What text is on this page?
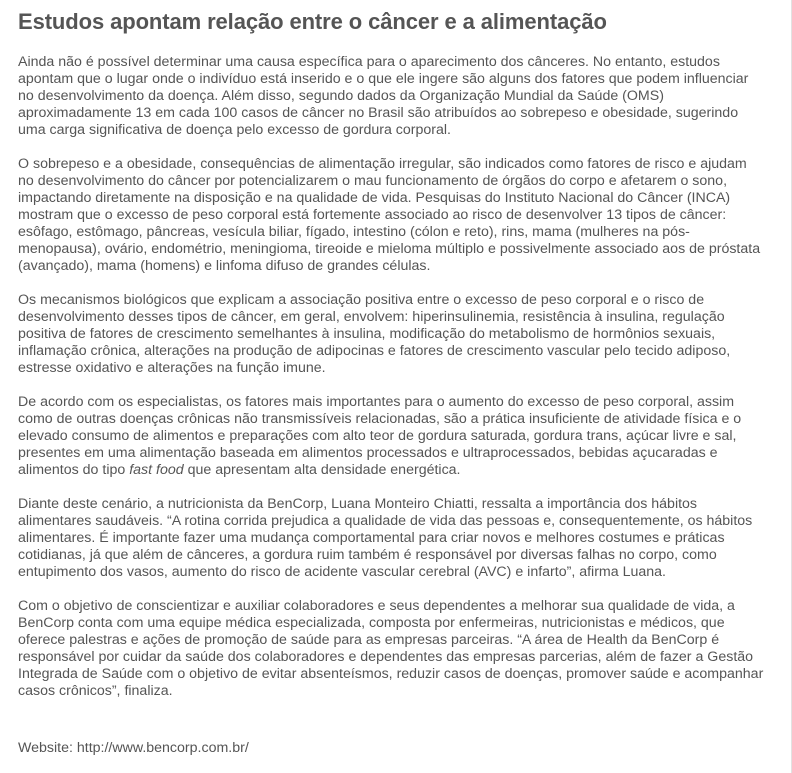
Estudos apontam relação entre o câncer e a alimentação

Ainda não é possível determinar uma causa específica para o aparecimento dos cânceres. No entanto, estudos apontam que o lugar onde o indivíduo está inserido e o que ele ingere são alguns dos fatores que podem influenciar no desenvolvimento da doença. Além disso, segundo dados da Organização Mundial da Saúde (OMS) aproximadamente 13 em cada 100 casos de câncer no Brasil são atribuídos ao sobrepeso e obesidade, sugerindo uma carga significativa de doença pelo excesso de gordura corporal.

O sobrepeso e a obesidade, consequências de alimentação irregular, são indicados como fatores de risco e ajudam no desenvolvimento do câncer por potencializarem o mau funcionamento de órgãos do corpo e afetarem o sono, impactando diretamente na disposição e na qualidade de vida. Pesquisas do Instituto Nacional do Câncer (INCA) mostram que o excesso de peso corporal está fortemente associado ao risco de desenvolver 13 tipos de câncer: esôfago, estômago, pâncreas, vesícula biliar, fígado, intestino (cólon e reto), rins, mama (mulheres na pós-menopausa), ovário, endométrio, meningioma, tireoide e mieloma múltiplo e possivelmente associado aos de próstata (avançado), mama (homens) e linfoma difuso de grandes células.

Os mecanismos biológicos que explicam a associação positiva entre o excesso de peso corporal e o risco de desenvolvimento desses tipos de câncer, em geral, envolvem: hiperinsulinemia, resistência à insulina, regulação positiva de fatores de crescimento semelhantes à insulina, modificação do metabolismo de hormônios sexuais, inflamação crônica, alterações na produção de adipocinas e fatores de crescimento vascular pelo tecido adiposo, estresse oxidativo e alterações na função imune.

De acordo com os especialistas, os fatores mais importantes para o aumento do excesso de peso corporal, assim como de outras doenças crônicas não transmissíveis relacionadas, são a prática insuficiente de atividade física e o elevado consumo de alimentos e preparações com alto teor de gordura saturada, gordura trans, açúcar livre e sal, presentes em uma alimentação baseada em alimentos processados e ultraprocessados, bebidas açucaradas e alimentos do tipo fast food que apresentam alta densidade energética.

Diante deste cenário, a nutricionista da BenCorp, Luana Monteiro Chiatti, ressalta a importância dos hábitos alimentares saudáveis. “A rotina corrida prejudica a qualidade de vida das pessoas e, consequentemente, os hábitos alimentares. É importante fazer uma mudança comportamental para criar novos e melhores costumes e práticas cotidianas, já que além de cânceres, a gordura ruim também é responsável por diversas falhas no corpo, como entupimento dos vasos, aumento do risco de acidente vascular cerebral (AVC) e infarto”, afirma Luana.

Com o objetivo de conscientizar e auxiliar colaboradores e seus dependentes a melhorar sua qualidade de vida, a BenCorp conta com uma equipe médica especializada, composta por enfermeiras, nutricionistas e médicos, que oferece palestras e ações de promoção de saúde para as empresas parceiras. “A área de Health da BenCorp é responsável por cuidar da saúde dos colaboradores e dependentes das empresas parcerias, além de fazer a Gestão Integrada de Saúde com o objetivo de evitar absenteísmos, reduzir casos de doenças, promover saúde e acompanhar casos crônicos”, finaliza.

Website: http://www.bencorp.com.br/
